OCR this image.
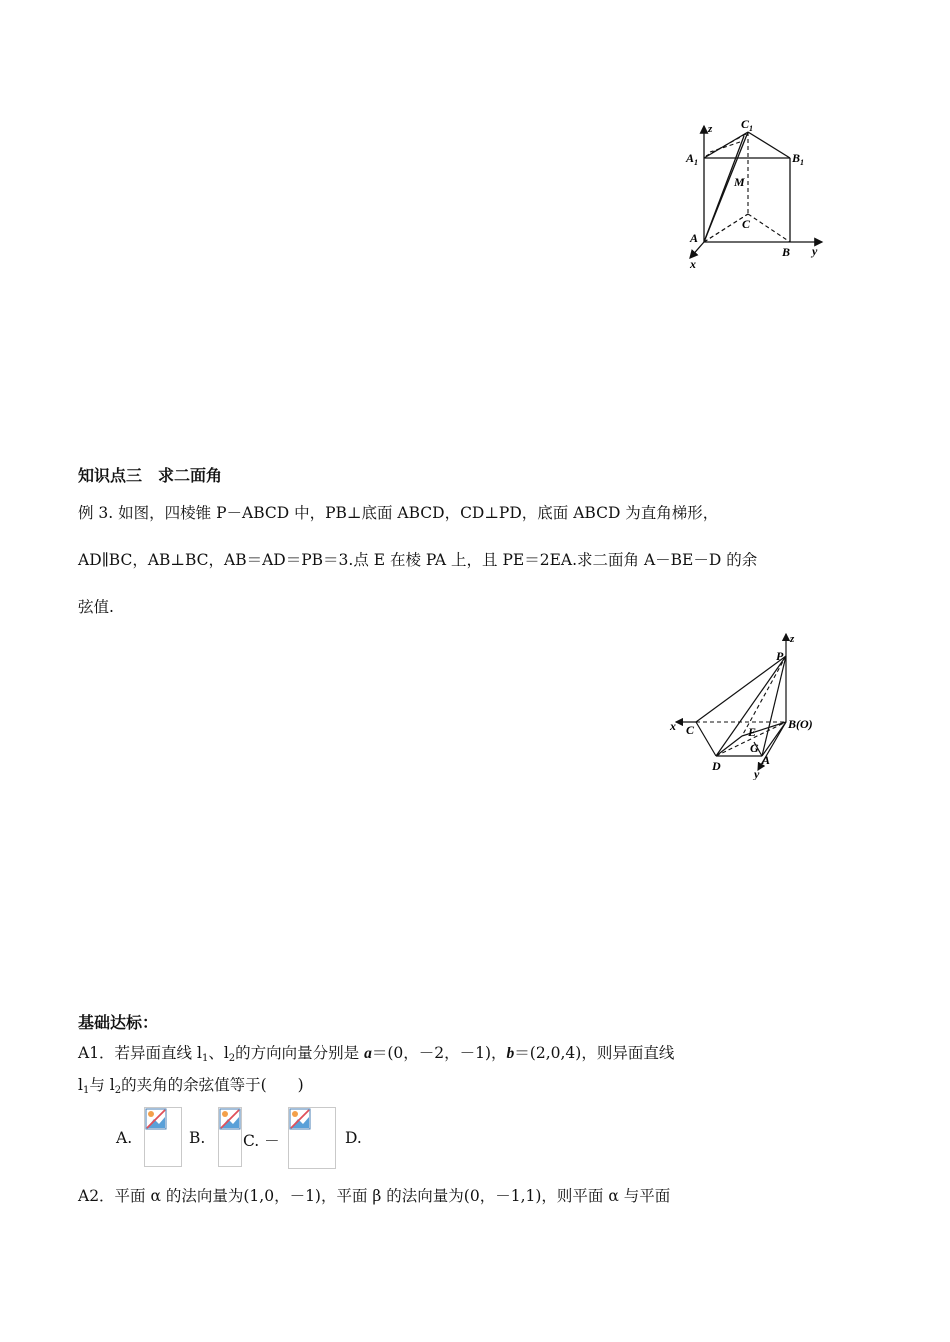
z $C_1$
$A_1$	$B_1$
M
C
A
B y
x
知识点三　求二面角
例 3. 如图，四棱锥 P－ABCD 中，PB⊥底面 ABCD，CD⊥PD，底面 ABCD 为直角梯形，
AD∥BC，AB⊥BC，AB＝AD＝PB＝3.点 E 在棱 PA 上，且 PE＝2EA.求二面角 A－BE－D 的余
弦值.
z
P
x C	B(O)
E
G
D	A
y
基础达标：
A1．若异面直线 $l_1$、$l_2$的方向向量分别是 a＝(0，－2，－1)，b＝(2,0,4)，则异面直线
$l_1$与 $l_2$的夹角的余弦值等于(　　)
A.	B. C. －	D.
A2．平面 α 的法向量为(1,0，－1)，平面 β 的法向量为(0，－1,1)，则平面 α 与平面
